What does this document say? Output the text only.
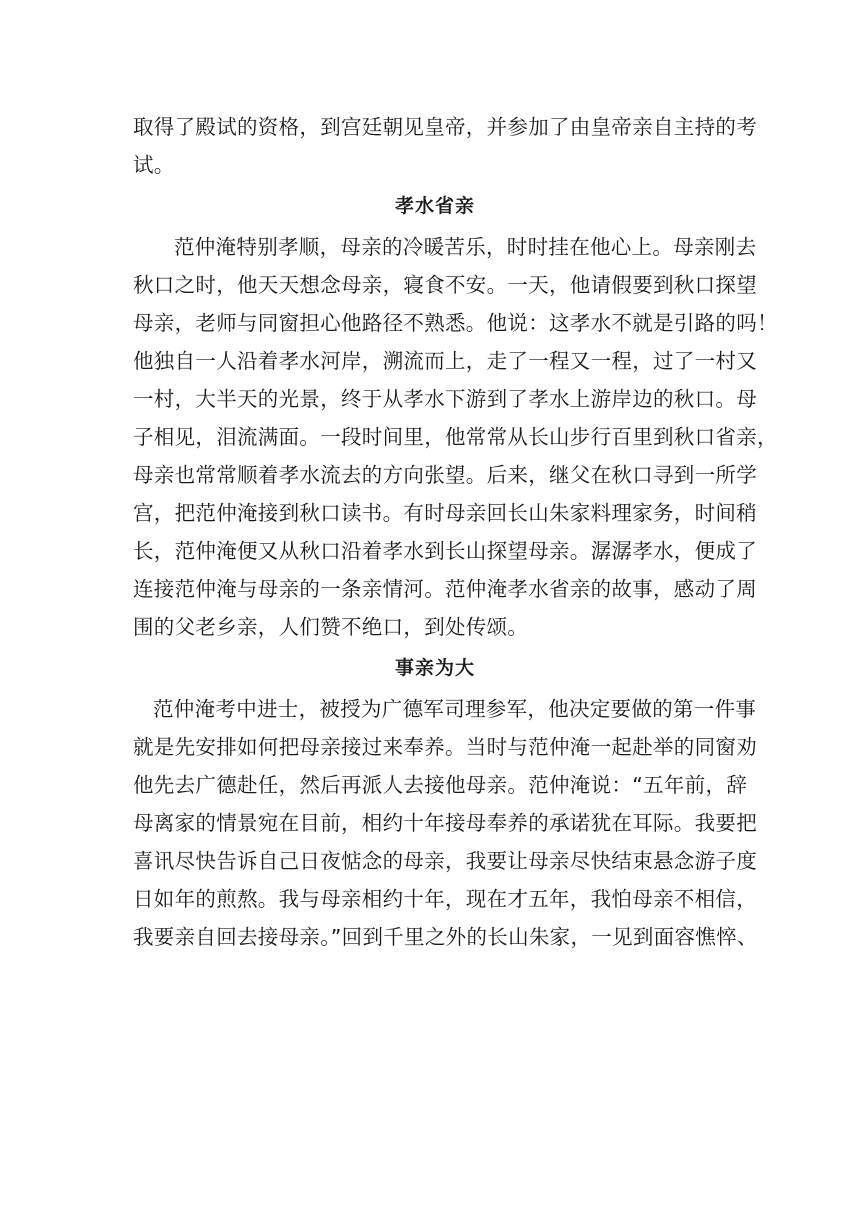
取得了殿试的资格，到宫廷朝见皇帝，并参加了由皇帝亲自主持的考
试。
孝水省亲
范仲淹特别孝顺，母亲的冷暖苦乐，时时挂在他心上。母亲刚去
秋口之时，他天天想念母亲，寝食不安。一天，他请假要到秋口探望
母亲，老师与同窗担心他路径不熟悉。他说：这孝水不就是引路的吗！
他独自一人沿着孝水河岸，溯流而上，走了一程又一程，过了一村又
一村，大半天的光景，终于从孝水下游到了孝水上游岸边的秋口。母
子相见，泪流满面。一段时间里，他常常从长山步行百里到秋口省亲，
母亲也常常顺着孝水流去的方向张望。后来，继父在秋口寻到一所学
宫，把范仲淹接到秋口读书。有时母亲回长山朱家料理家务，时间稍
长，范仲淹便又从秋口沿着孝水到长山探望母亲。潺潺孝水，便成了
连接范仲淹与母亲的一条亲情河。范仲淹孝水省亲的故事，感动了周
围的父老乡亲，人们赞不绝口，到处传颂。
事亲为大
范仲淹考中进士，被授为广德军司理参军，他决定要做的第一件事
就是先安排如何把母亲接过来奉养。当时与范仲淹一起赴举的同窗劝
他先去广德赴任，然后再派人去接他母亲。范仲淹说：“五年前，辞
母离家的情景宛在目前，相约十年接母奉养的承诺犹在耳际。我要把
喜讯尽快告诉自己日夜惦念的母亲，我要让母亲尽快结束悬念游子度
日如年的煎熬。我与母亲相约十年，现在才五年，我怕母亲不相信，
我要亲自回去接母亲。”回到千里之外的长山朱家，一见到面容憔悴、
